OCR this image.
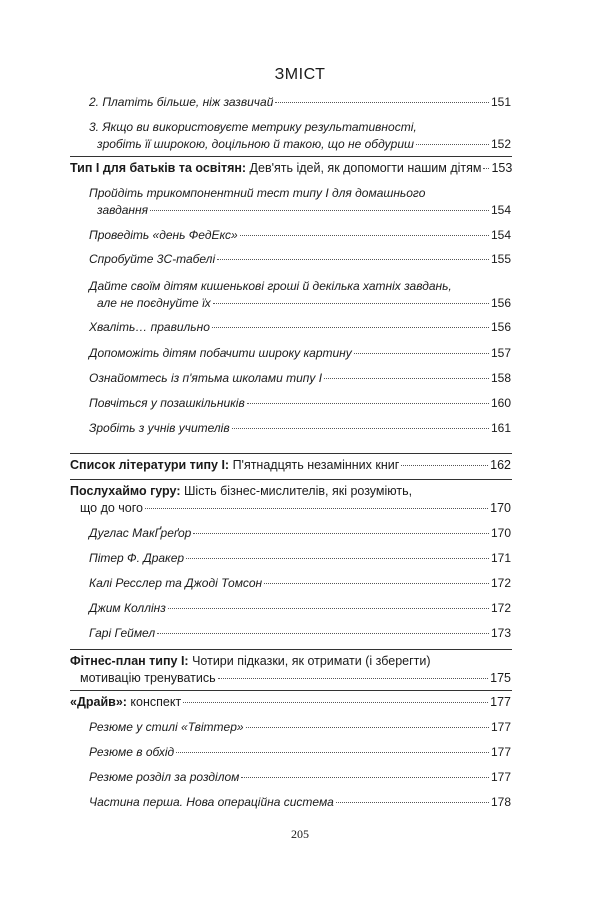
ЗМІСТ
2. Платіть більше, ніж зазвичай	151
3. Якщо ви використовуєте метрику результативності,
зробіть її широкою, доцільною й такою, що не обдуриш	152
Тип I для батьків та освітян: Дев'ять ідей, як допомогти нашим дітям 153
Пройдіть трикомпонентний тест типу I для домашнього
завдання	154
Проведіть «день ФедЕкс»	154
Спробуйте 3С-табелі	155
Дайте своїм дітям кишенькові гроші й декілька хатніх завдань,
але не поєднуйте їх	156
Хваліть… правильно	156
Допоможіть дітям побачити широку картину	157
Ознайомтесь із п'ятьма школами типу I	158
Повчіться у позашкільників	160
Зробіть з учнів учителів	161
Список літератури типу I: П'ятнадцять незамінних книг	162
Послухаймо гуру: Шість бізнес-мислителів, які розуміють,
що до чого	170
Дуглас МакҐреґор	170
Пітер Ф. Дракер	171
Калі Ресслер та Джоді Томсон	172
Джим Коллінз	172
Гарі Геймел	173
Фітнес-план типу I: Чотири підказки, як отримати (і зберегти)
мотивацію тренуватись	175
«Драйв»: конспект	177
Резюме у стилі «Твіттер»	177
Резюме в обхід	177
Резюме розділ за розділом	177
Частина перша. Нова операційна система	178
205
